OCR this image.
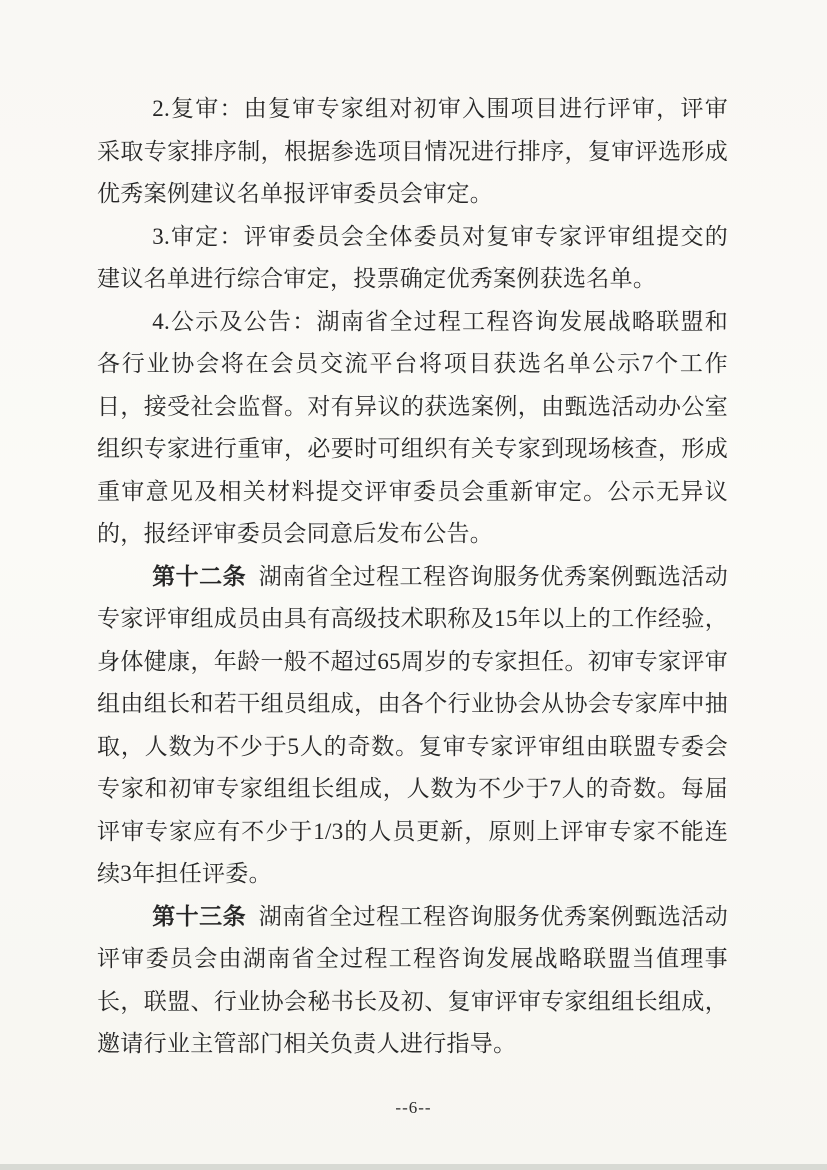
2.复审：由复审专家组对初审入围项目进行评审，评审采取专家排序制，根据参选项目情况进行排序，复审评选形成优秀案例建议名单报评审委员会审定。

3.审定：评审委员会全体委员对复审专家评审组提交的建议名单进行综合审定，投票确定优秀案例获选名单。

4.公示及公告：湖南省全过程工程咨询发展战略联盟和各行业协会将在会员交流平台将项目获选名单公示7个工作日，接受社会监督。对有异议的获选案例，由甄选活动办公室组织专家进行重审，必要时可组织有关专家到现场核查，形成重审意见及相关材料提交评审委员会重新审定。公示无异议的，报经评审委员会同意后发布公告。

第十二条 湖南省全过程工程咨询服务优秀案例甄选活动专家评审组成员由具有高级技术职称及15年以上的工作经验，身体健康，年龄一般不超过65周岁的专家担任。初审专家评审组由组长和若干组员组成，由各个行业协会从协会专家库中抽取，人数为不少于5人的奇数。复审专家评审组由联盟专委会专家和初审专家组组长组成，人数为不少于7人的奇数。每届评审专家应有不少于1/3的人员更新，原则上评审专家不能连续3年担任评委。

第十三条 湖南省全过程工程咨询服务优秀案例甄选活动评审委员会由湖南省全过程工程咨询发展战略联盟当值理事长，联盟、行业协会秘书长及初、复审评审专家组组长组成，邀请行业主管部门相关负责人进行指导。

--6--
